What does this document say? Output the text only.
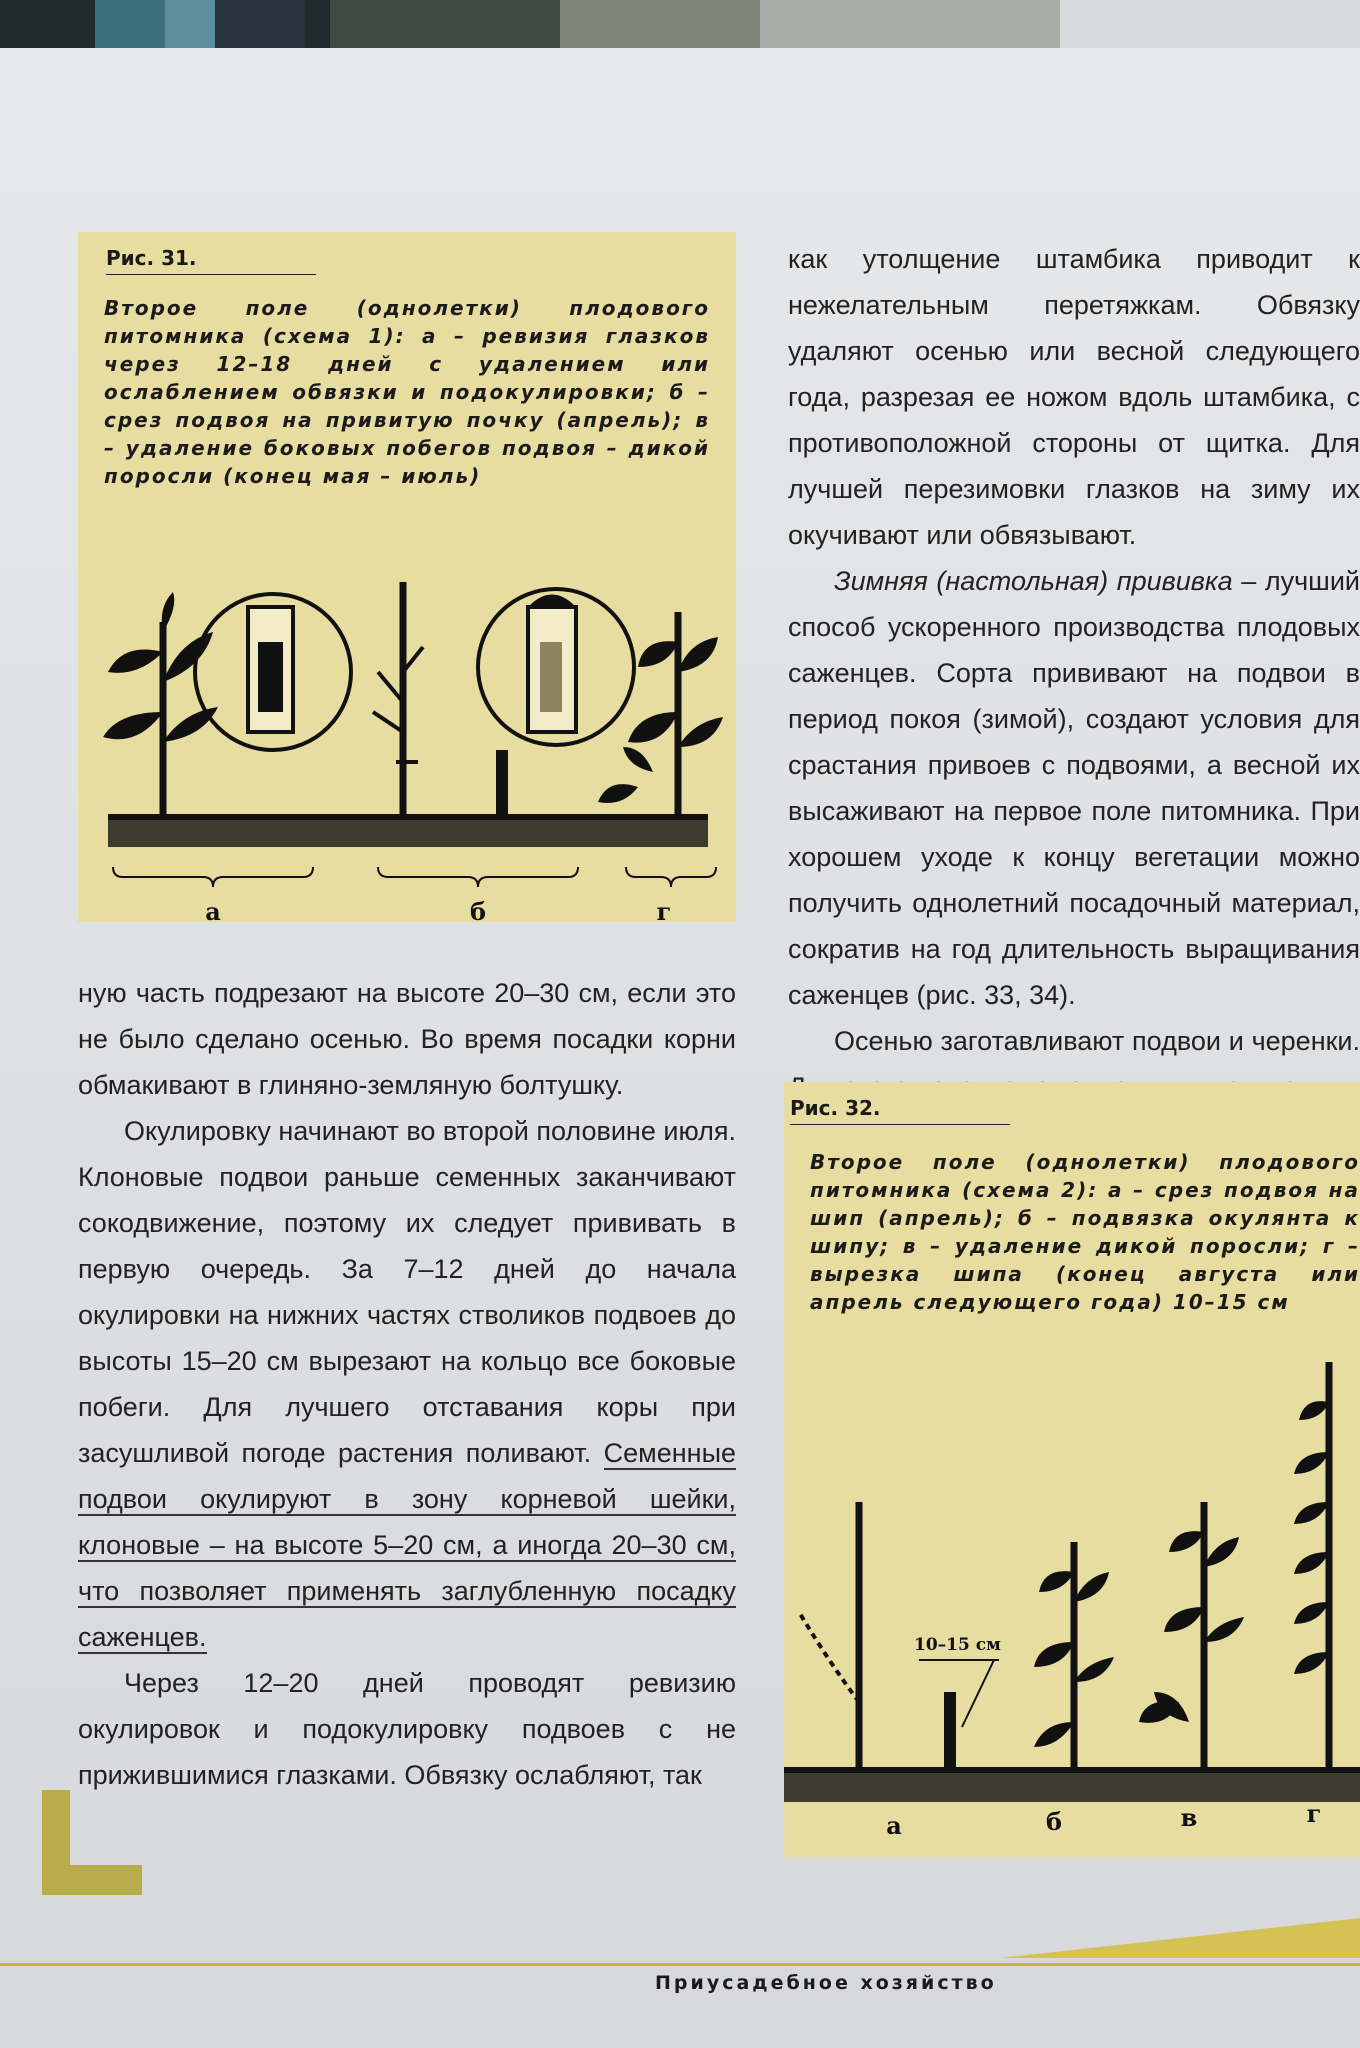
Рис. 31.
Второе поле (однолетки) плодового питомника (схема 1): а – ревизия глазков через 12–18 дней с удалением или ослаблением обвязки и подокулировки; б – срез подвоя на привитую почку (апрель); в – удаление боковых побегов подвоя – дикой поросли (конец мая – июль)
а	б	г

как утолщение штамбика приводит к нежелательным перетяжкам. Обвязку удаляют осенью или весной следующего года, разрезая ее ножом вдоль штамбика, с противоположной стороны от щитка. Для лучшей перезимовки глазков на зиму их окучивают или обвязывают.

Зимняя (настольная) прививка – лучший способ ускоренного производства плодовых саженцев. Сорта прививают на подвои в период покоя (зимой), создают условия для срастания привоев с подвоями, а весной их высаживают на первое поле питомника. При хорошем уходе к концу вегетации можно получить однолетний посадочный материал, сократив на год длительность выращивания саженцев (рис. 33, 34).

Осенью заготавливают подвои и черенки.

ную часть подрезают на высоте 20–30 см, если это не было сделано осенью. Во время посадки корни обмакивают в глиняно-земляную болтушку.

Окулировку начинают во второй половине июля. Клоновые подвои раньше семенных заканчивают сокодвижение, поэтому их следует прививать в первую очередь. За 7–12 дней до начала окулировки на нижних частях стволиков подвоев до высоты 15–20 см вырезают на кольцо все боковые побеги. Для лучшего отставания коры при засушливой погоде растения поливают. Семенные подвои окулируют в зону корневой шейки, клоновые – на высоте 5–20 см, а иногда 20–30 см, что позволяет применять заглубленную посадку саженцев.

Через 12–20 дней проводят ревизию окулировок и подокулировку подвоев с не прижившимися глазками. Обвязку ослабляют, так

Рис. 32.
Второе поле (однолетки) плодового питомника (схема 2): а – срез подвоя на шип (апрель); б – подвязка окулянта к шипу; в – удаление дикой поросли; г – вырезка шипа (конец августа или апрель следующего года) 10–15 см
10–15 см
а	б	в	г
Приусадебное хозяйство
